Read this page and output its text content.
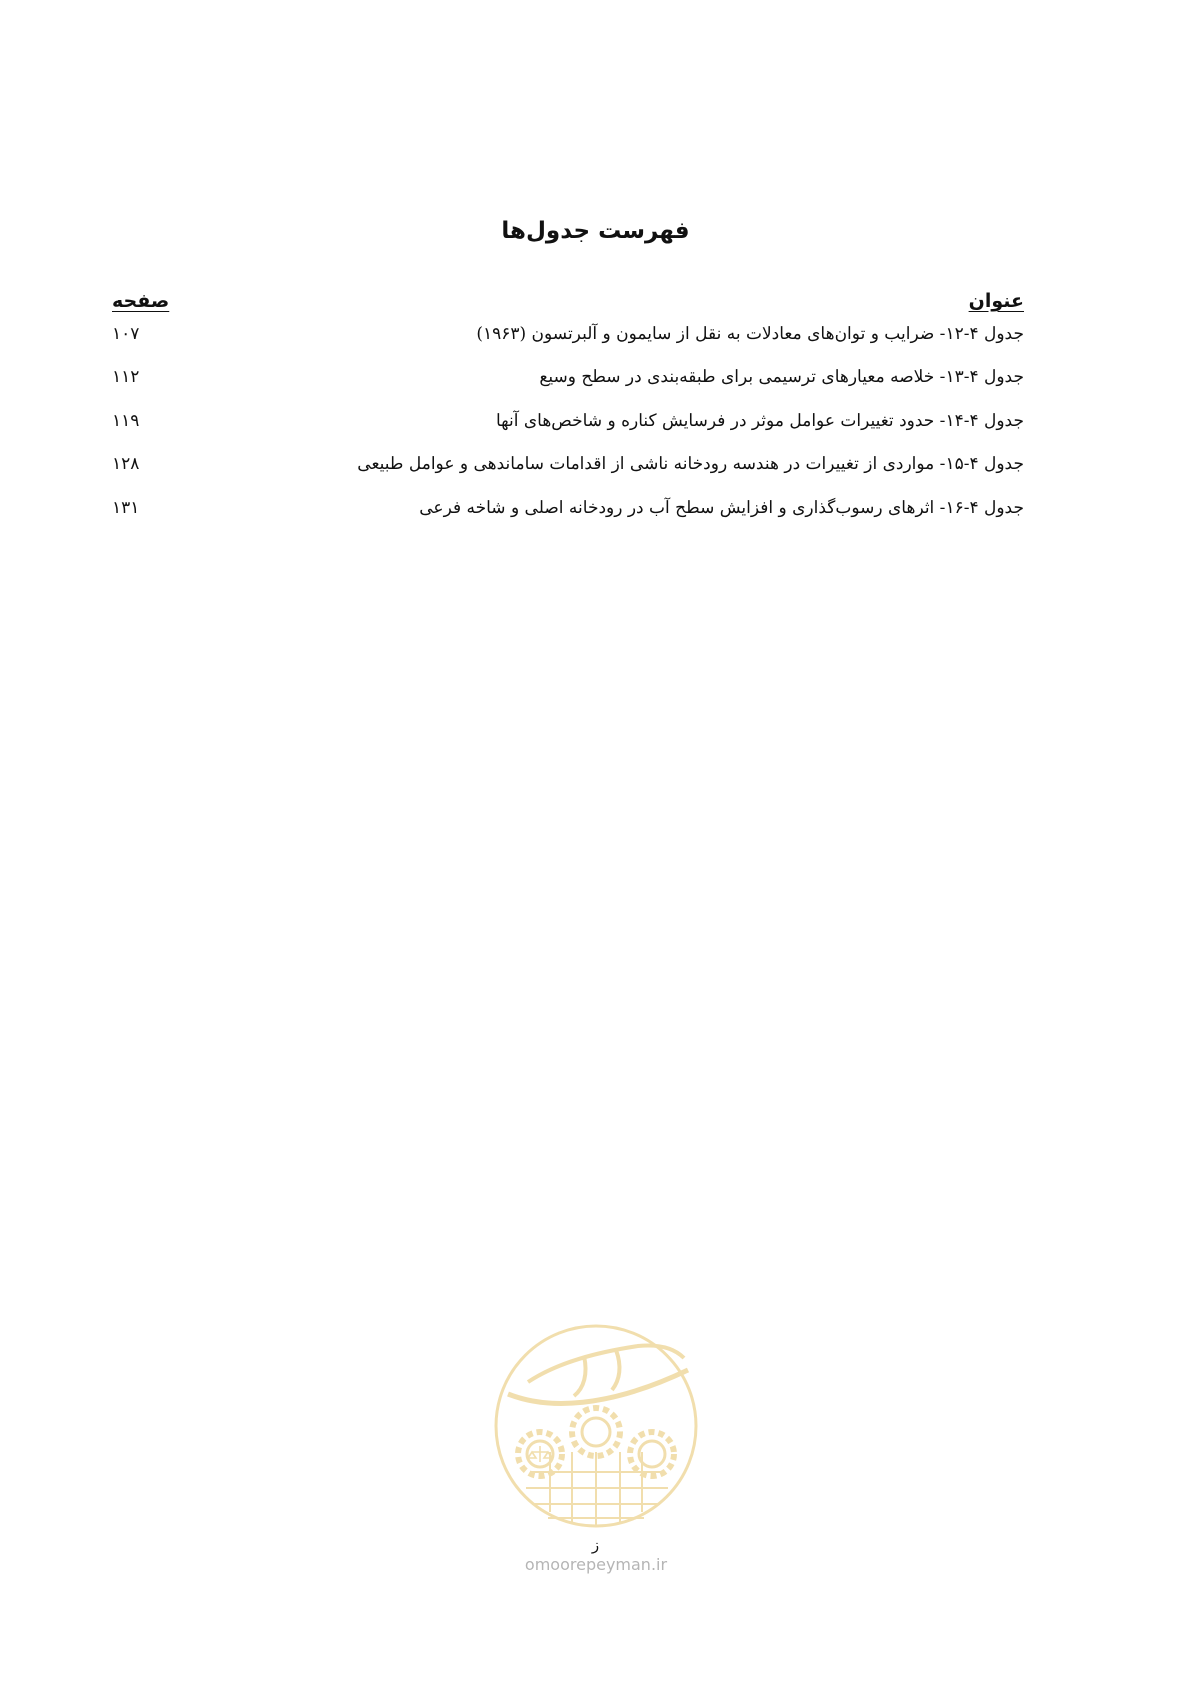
فهرست جدول‌ها
عنوان
صفحه
جدول ۴-۱۲- ضرایب و توان‌های معادلات به نقل از سایمون و آلبرتسون (۱۹۶۳)
۱۰۷
جدول ۴-۱۳- خلاصه معیارهای ترسیمی برای طبقه‌بندی در سطح وسیع
۱۱۲
جدول ۴-۱۴- حدود تغییرات عوامل موثر در فرسایش کناره و شاخص‌های آنها
۱۱۹
جدول ۴-۱۵- مواردی از تغییرات در هندسه رودخانه ناشی از اقدامات ساماندهی و عوامل طبیعی
۱۲۸
جدول ۴-۱۶- اثرهای رسوب‌گذاری و افزایش سطح آب در رودخانه اصلی و شاخه فرعی
۱۳۱
omoorepeyman.ir
ز
